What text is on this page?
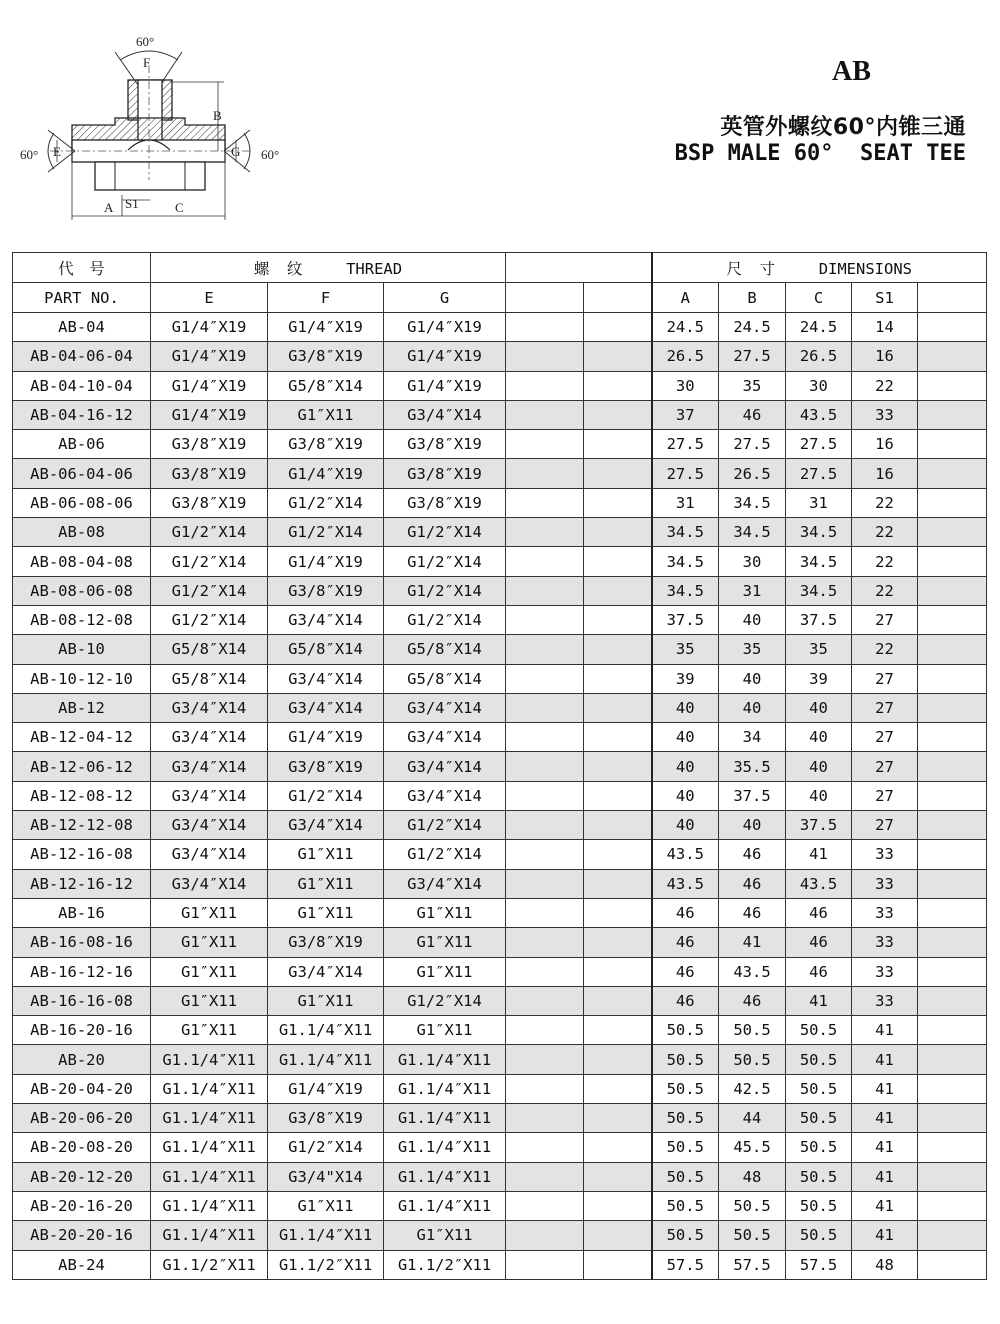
60°
F
60°	60°
E	G
B
A S1	C
AB
英管外螺纹60°内锥三通
BSP MALE 60°  SEAT TEE
代　号	螺　纹 THREAD					尺　寸 DIMENSIONS				
PART NO.	E	F	G			A	B	C	S1	
AB-04	G1/4″X19	G1/4″X19	G1/4″X19			24.5	24.5	24.5	14	
AB-04-06-04	G1/4″X19	G3/8″X19	G1/4″X19			26.5	27.5	26.5	16	
AB-04-10-04	G1/4″X19	G5/8″X14	G1/4″X19			30	35	30	22	
AB-04-16-12	G1/4″X19	G1″X11	G3/4″X14			37	46	43.5	33	
AB-06	G3/8″X19	G3/8″X19	G3/8″X19			27.5	27.5	27.5	16	
AB-06-04-06	G3/8″X19	G1/4″X19	G3/8″X19			27.5	26.5	27.5	16	
AB-06-08-06	G3/8″X19	G1/2″X14	G3/8″X19			31	34.5	31	22	
AB-08	G1/2″X14	G1/2″X14	G1/2″X14			34.5	34.5	34.5	22	
AB-08-04-08	G1/2″X14	G1/4″X19	G1/2″X14			34.5	30	34.5	22	
AB-08-06-08	G1/2″X14	G3/8″X19	G1/2″X14			34.5	31	34.5	22	
AB-08-12-08	G1/2″X14	G3/4″X14	G1/2″X14			37.5	40	37.5	27	
AB-10	G5/8″X14	G5/8″X14	G5/8″X14			35	35	35	22	
AB-10-12-10	G5/8″X14	G3/4″X14	G5/8″X14			39	40	39	27	
AB-12	G3/4″X14	G3/4″X14	G3/4″X14			40	40	40	27	
AB-12-04-12	G3/4″X14	G1/4″X19	G3/4″X14			40	34	40	27	
AB-12-06-12	G3/4″X14	G3/8″X19	G3/4″X14			40	35.5	40	27	
AB-12-08-12	G3/4″X14	G1/2″X14	G3/4″X14			40	37.5	40	27	
AB-12-12-08	G3/4″X14	G3/4″X14	G1/2″X14			40	40	37.5	27	
AB-12-16-08	G3/4″X14	G1″X11	G1/2″X14			43.5	46	41	33	
AB-12-16-12	G3/4″X14	G1″X11	G3/4″X14			43.5	46	43.5	33	
AB-16	G1″X11	G1″X11	G1″X11			46	46	46	33	
AB-16-08-16	G1″X11	G3/8″X19	G1″X11			46	41	46	33	
AB-16-12-16	G1″X11	G3/4″X14	G1″X11			46	43.5	46	33	
AB-16-16-08	G1″X11	G1″X11	G1/2″X14			46	46	41	33	
AB-16-20-16	G1″X11	G1.1/4″X11	G1″X11			50.5	50.5	50.5	41	
AB-20	G1.1/4″X11	G1.1/4″X11	G1.1/4″X11			50.5	50.5	50.5	41	
AB-20-04-20	G1.1/4″X11	G1/4″X19	G1.1/4″X11			50.5	42.5	50.5	41	
AB-20-06-20	G1.1/4″X11	G3/8″X19	G1.1/4″X11			50.5	44	50.5	41	
AB-20-08-20	G1.1/4″X11	G1/2″X14	G1.1/4″X11			50.5	45.5	50.5	41	
AB-20-12-20	G1.1/4″X11	G3/4"X14	G1.1/4″X11			50.5	48	50.5	41	
AB-20-16-20	G1.1/4″X11	G1″X11	G1.1/4″X11			50.5	50.5	50.5	41	
AB-20-20-16	G1.1/4″X11	G1.1/4″X11	G1″X11			50.5	50.5	50.5	41	
AB-24	G1.1/2″X11	G1.1/2″X11	G1.1/2″X11			57.5	57.5	57.5	48	
